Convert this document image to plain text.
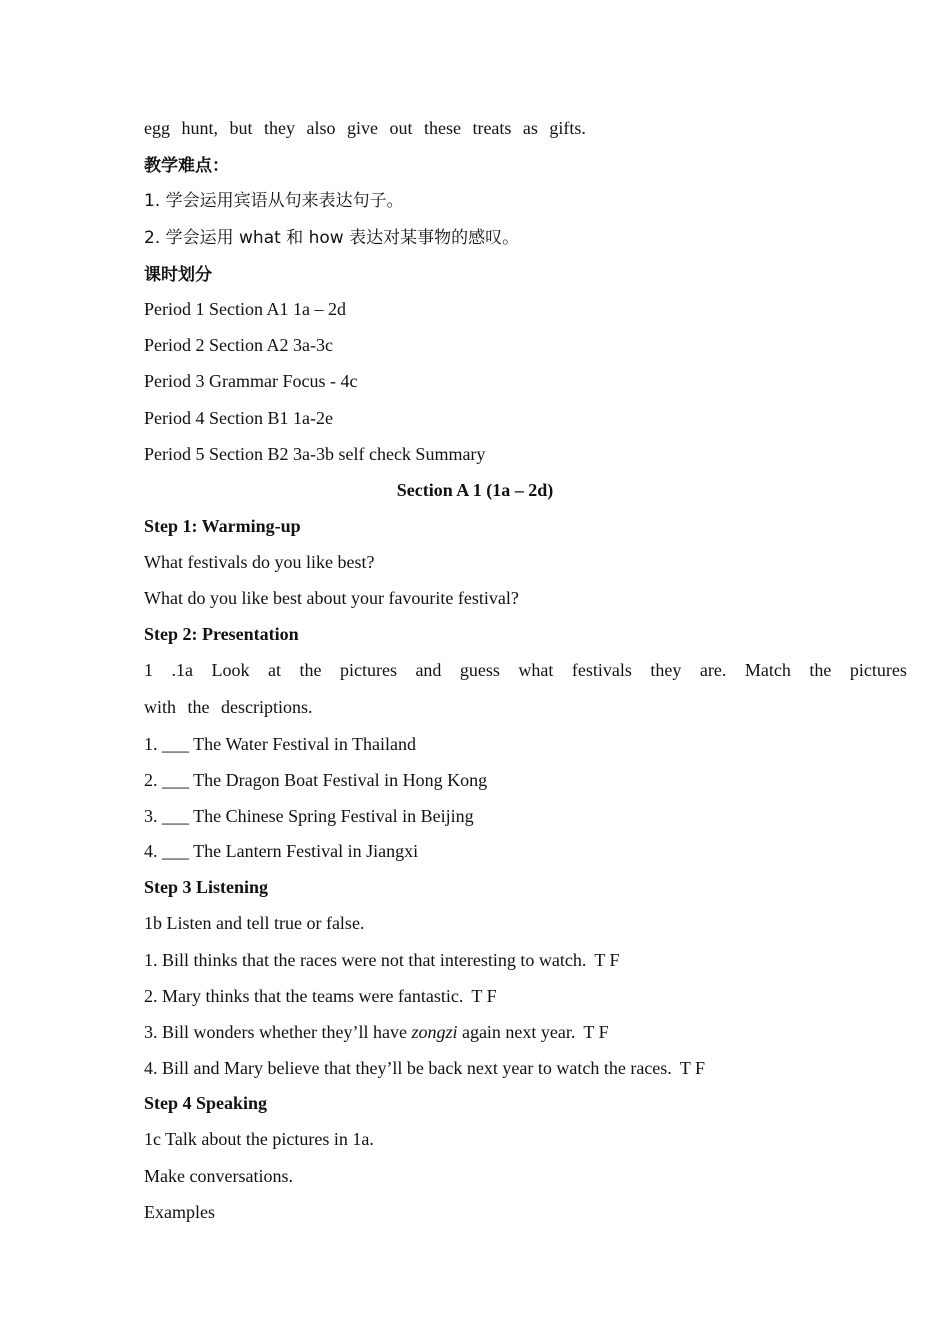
egg hunt, but they also give out these treats as gifts.
教学难点：
1. 学会运用宾语从句来表达句子。
2. 学会运用 what 和 how 表达对某事物的感叹。
课时划分
Period 1 Section A1 1a – 2d
Period 2 Section A2 3a-3c
Period 3 Grammar Focus - 4c
Period 4 Section B1 1a-2e
Period 5 Section B2 3a-3b self check Summary
Section A 1 (1a – 2d)
Step 1: Warming-up
What festivals do you like best?
What do you like best about your favourite festival?
Step 2: Presentation
1 .1a Look at the pictures and guess what festivals they are. Match the pictures
with the descriptions.
1. ___ The Water Festival in Thailand
2. ___ The Dragon Boat Festival in Hong Kong
3. ___ The Chinese Spring Festival in Beijing
4. ___ The Lantern Festival in Jiangxi
Step 3 Listening
1b Listen and tell true or false.
1. Bill thinks that the races were not that interesting to watch. T F
2. Mary thinks that the teams were fantastic. T F
3. Bill wonders whether they’ll have zongzi again next year. T F
4. Bill and Mary believe that they’ll be back next year to watch the races. T F
Step 4 Speaking
1c Talk about the pictures in 1a.
Make conversations.
Examples
